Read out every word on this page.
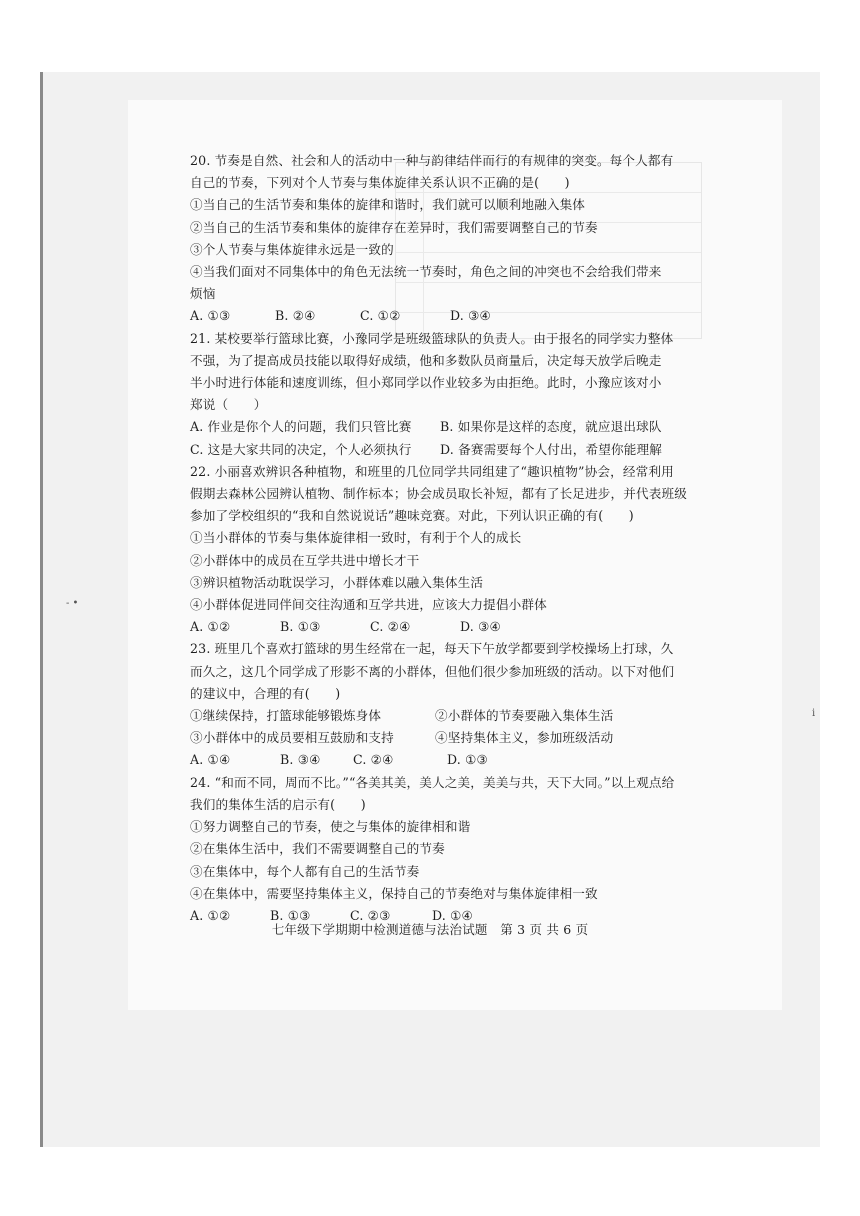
- •
ⅰ
20. 节奏是自然、社会和人的活动中一种与韵律结伴而行的有规律的突变。每个人都有
自己的节奏，下列对个人节奏与集体旋律关系认识不正确的是(　　)
①当自己的生活节奏和集体的旋律和谐时，我们就可以顺利地融入集体
②当自己的生活节奏和集体的旋律存在差异时，我们需要调整自己的节奏
③个人节奏与集体旋律永远是一致的
④当我们面对不同集体中的角色无法统一节奏时，角色之间的冲突也不会给我们带来
烦恼
A. ①③	B. ②④	C. ①②	D. ③④
21. 某校要举行篮球比赛，小豫同学是班级篮球队的负责人。由于报名的同学实力整体
不强，为了提高成员技能以取得好成绩，他和多数队员商量后，决定每天放学后晚走
半小时进行体能和速度训练，但小郑同学以作业较多为由拒绝。此时，小豫应该对小
郑说（　　）
A. 作业是你个人的问题，我们只管比赛	B. 如果你是这样的态度，就应退出球队
C. 这是大家共同的决定，个人必须执行	D. 备赛需要每个人付出，希望你能理解
22. 小丽喜欢辨识各种植物，和班里的几位同学共同组建了“趣识植物”协会，经常利用
假期去森林公园辨认植物、制作标本；协会成员取长补短，都有了长足进步，并代表班级
参加了学校组织的“我和自然说说话”趣味竞赛。对此，下列认识正确的有(　　)
①当小群体的节奏与集体旋律相一致时，有利于个人的成长
②小群体中的成员在互学共进中增长才干
③辨识植物活动耽误学习，小群体难以融入集体生活
④小群体促进同伴间交往沟通和互学共进，应该大力提倡小群体
A. ①②	B. ①③	C. ②④	D. ③④
23. 班里几个喜欢打篮球的男生经常在一起，每天下午放学都要到学校操场上打球，久
而久之，这几个同学成了形影不离的小群体，但他们很少参加班级的活动。以下对他们
的建议中，合理的有(　　)
①继续保持，打篮球能够锻炼身体	②小群体的节奏要融入集体生活
③小群体中的成员要相互鼓励和支持	④坚持集体主义，参加班级活动
A. ①④	B. ③④	C. ②④	D. ①③
24. “和而不同，周而不比。”“各美其美，美人之美，美美与共，天下大同。”以上观点给
我们的集体生活的启示有(　　)
①努力调整自己的节奏，使之与集体的旋律相和谐
②在集体生活中，我们不需要调整自己的节奏
③在集体中，每个人都有自己的生活节奏
④在集体中，需要坚持集体主义，保持自己的节奏绝对与集体旋律相一致
A. ①②	B. ①③	C. ②③	D. ①④
七年级下学期期中检测道德与法治试题　第 3 页 共 6 页
